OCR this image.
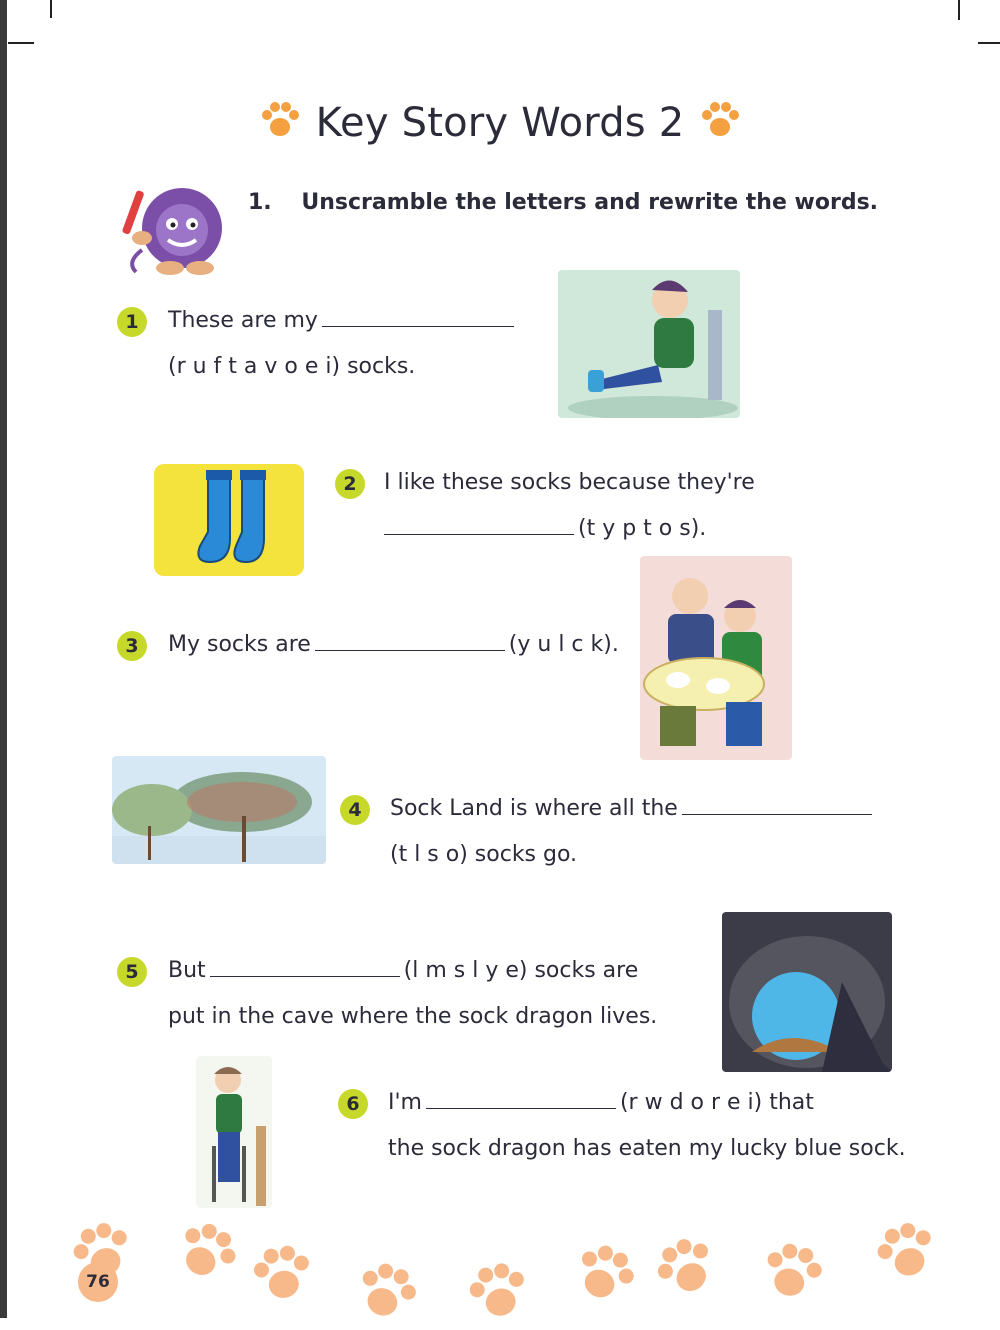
Key Story Words 2
1. Unscramble the letters and rewrite the words.
1	These are my
(r u f t a v o e i) socks.
2	I like these socks because they're
(t y p t o s).
3	My socks are	(y u l c k).
4	Sock Land is where all the
(t l s o) socks go.
5	But	(l m s l y e) socks are
put in the cave where the sock dragon lives.
6	I'm	(r w d o r e i) that
the sock dragon has eaten my lucky blue sock.
76
